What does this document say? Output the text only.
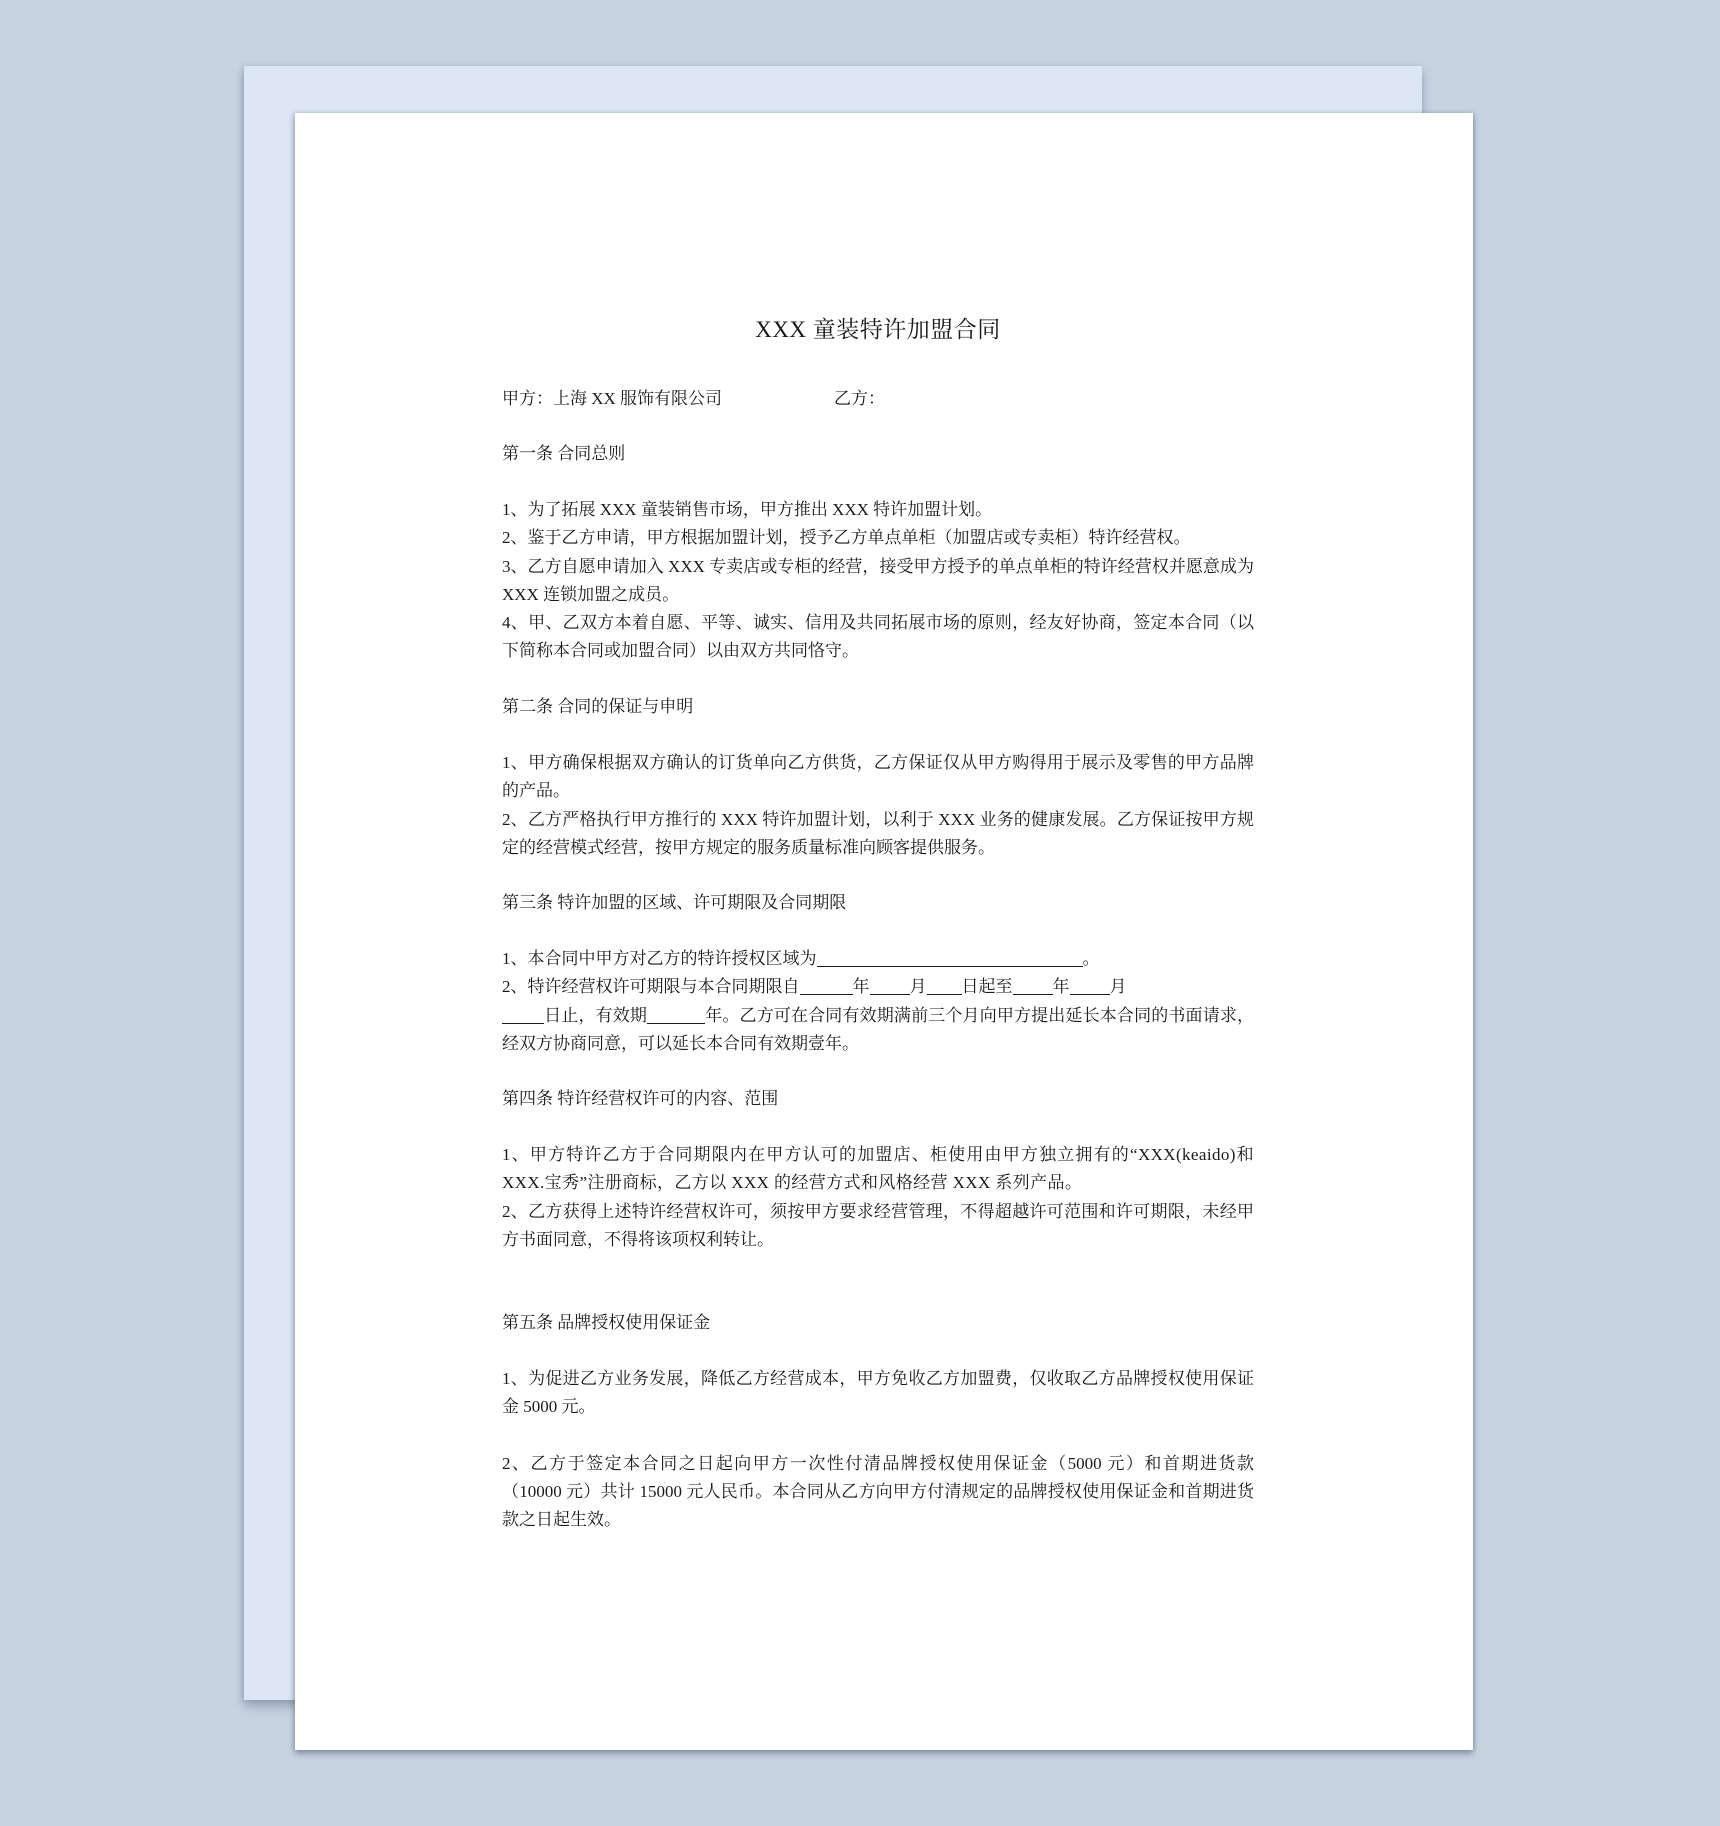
XXX 童装特许加盟合同
甲方：上海 XX 服饰有限公司	乙方：
第一条 合同总则

1、为了拓展 XXX 童装销售市场，甲方推出 XXX 特许加盟计划。

2、鉴于乙方申请，甲方根据加盟计划，授予乙方单点单柜（加盟店或专卖柜）特许经营权。

3、乙方自愿申请加入 XXX 专卖店或专柜的经营，接受甲方授予的单点单柜的特许经营权并愿意成为 XXX 连锁加盟之成员。

4、甲、乙双方本着自愿、平等、诚实、信用及共同拓展市场的原则，经友好协商，签定本合同（以下简称本合同或加盟合同）以由双方共同恪守。

第二条 合同的保证与申明

1、甲方确保根据双方确认的订货单向乙方供货，乙方保证仅从甲方购得用于展示及零售的甲方品牌的产品。

2、乙方严格执行甲方推行的 XXX 特许加盟计划，以利于 XXX 业务的健康发展。乙方保证按甲方规定的经营模式经营，按甲方规定的服务质量标准向顾客提供服务。

第三条 特许加盟的区域、许可期限及合同期限

1、本合同中甲方对乙方的特许授权区域为	。

2、特许经营权许可期限与本合同期限自	年 月 日起至 年 月
日止，有效期	年。乙方可在合同有效期满前三个月向甲方提出延长本合同的书面请求，经双方协商同意，可以延长本合同有效期壹年。

第四条 特许经营权许可的内容、范围

1、甲方特许乙方于合同期限内在甲方认可的加盟店、柜使用由甲方独立拥有的“XXX(keaido)和 XXX.宝秀”注册商标，乙方以 XXX 的经营方式和风格经营 XXX 系列产品。

2、乙方获得上述特许经营权许可，须按甲方要求经营管理，不得超越许可范围和许可期限，未经甲方书面同意，不得将该项权利转让。

第五条 品牌授权使用保证金

1、为促进乙方业务发展，降低乙方经营成本，甲方免收乙方加盟费，仅收取乙方品牌授权使用保证金 5000 元。

2、乙方于签定本合同之日起向甲方一次性付清品牌授权使用保证金（5000 元）和首期进货款（10000 元）共计 15000 元人民币。本合同从乙方向甲方付清规定的品牌授权使用保证金和首期进货款之日起生效。
